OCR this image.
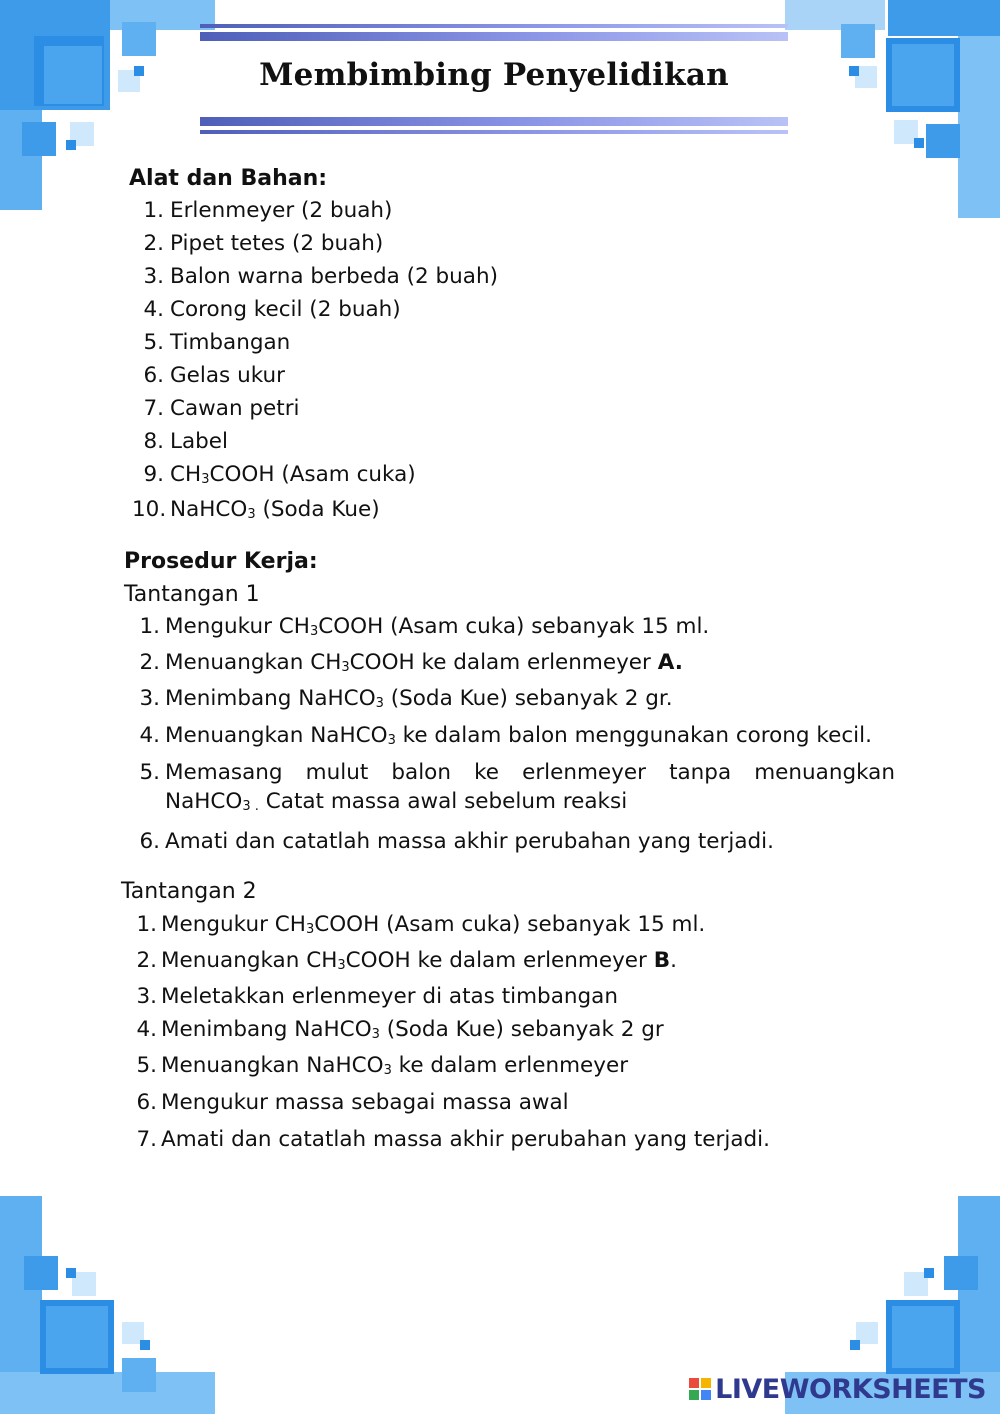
Membimbing Penyelidikan
Alat dan Bahan:
1. Erlenmeyer (2 buah)
2. Pipet tetes (2 buah)
3. Balon warna berbeda (2 buah)
4. Corong kecil (2 buah)
5. Timbangan
6. Gelas ukur
7. Cawan petri
8. Label
9. $CH_3COOH$ (Asam cuka)
10. NaHCO$_3$ (Soda Kue)
Prosedur Kerja:
Tantangan 1
1. Mengukur $CH_3COOH$ (Asam cuka) sebanyak 15 ml.
2. Menuangkan $CH_3COOH$ ke dalam erlenmeyer A.
3. Menimbang NaHCO$_3$ (Soda Kue) sebanyak 2 gr.
4. Menuangkan NaHCO$_3$ ke dalam balon menggunakan corong kecil.
5. Memasang mulut balon ke erlenmeyer tanpa menuangkan
NaHCO$_{3 .}$ Catat massa awal sebelum reaksi
6. Amati dan catatlah massa akhir perubahan yang terjadi.
Tantangan 2
1. Mengukur $CH_3COOH$ (Asam cuka) sebanyak 15 ml.
2. Menuangkan $CH_3COOH$ ke dalam erlenmeyer B.
3. Meletakkan erlenmeyer di atas timbangan
4. Menimbang NaHCO$_3$ (Soda Kue) sebanyak 2 gr
5. Menuangkan NaHCO$_3$ ke dalam erlenmeyer
6. Mengukur massa sebagai massa awal
7. Amati dan catatlah massa akhir perubahan yang terjadi.
LIVEWORKSHEETS
